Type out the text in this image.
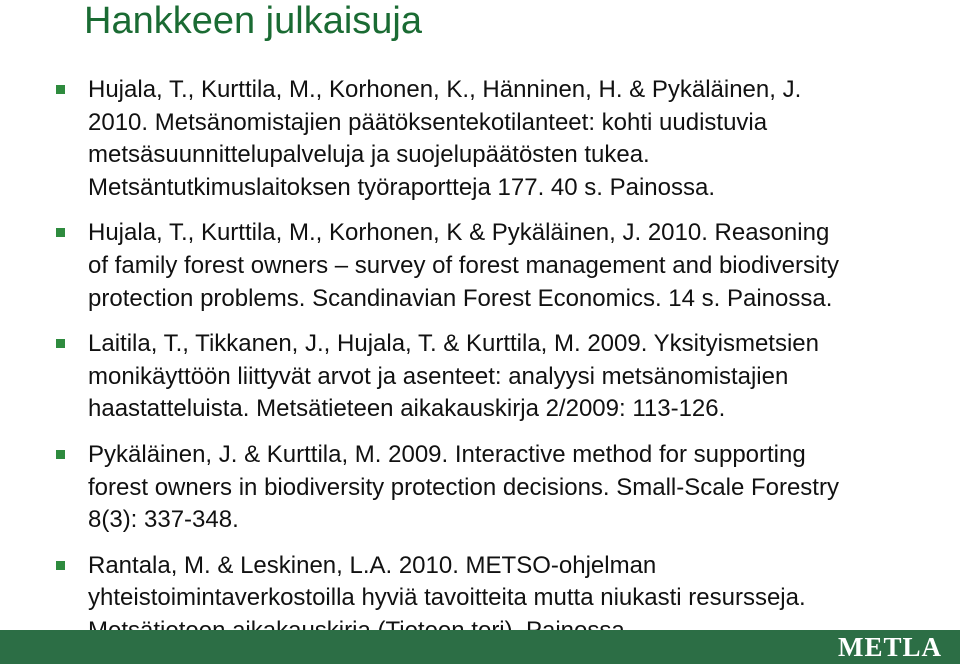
Hankkeen julkaisuja
Hujala, T., Kurttila, M., Korhonen, K., Hänninen, H. & Pykäläinen, J.
2010. Metsänomistajien päätöksentekotilanteet: kohti uudistuvia
metsäsuunnittelupalveluja ja suojelupäätösten tukea.
Metsäntutkimuslaitoksen työraportteja 177. 40 s. Painossa.
Hujala, T., Kurttila, M., Korhonen, K & Pykäläinen, J. 2010. Reasoning
of family forest owners – survey of forest management and biodiversity
protection problems. Scandinavian Forest Economics. 14 s. Painossa.
Laitila, T., Tikkanen, J., Hujala, T. & Kurttila, M. 2009. Yksityismetsien
monikäyttöön liittyvät arvot ja asenteet: analyysi metsänomistajien
haastatteluista. Metsätieteen aikakauskirja 2/2009: 113-126.
Pykäläinen, J. & Kurttila, M. 2009. Interactive method for supporting
forest owners in biodiversity protection decisions. Small-Scale Forestry
8(3): 337-348.
Rantala, M. & Leskinen, L.A. 2010. METSO-ohjelman
yhteistoimintaverkostoilla hyviä tavoitteita mutta niukasti resursseja.
METLA
